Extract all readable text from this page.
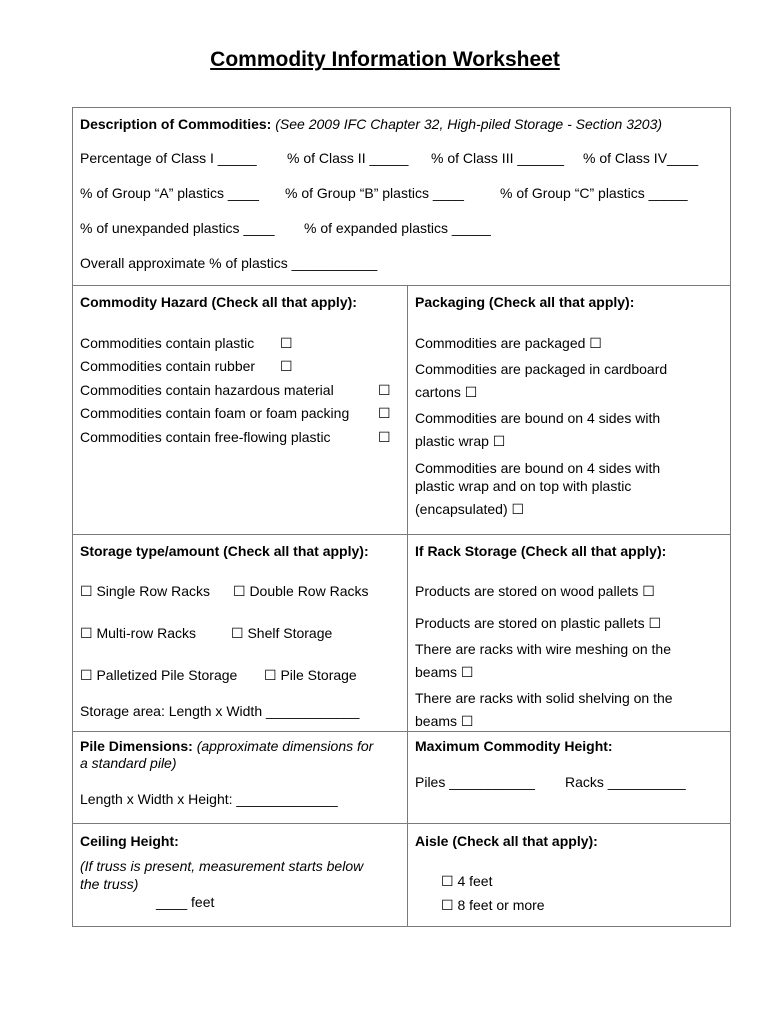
Commodity Information Worksheet
Description of Commodities: (See 2009 IFC Chapter 32, High-piled Storage - Section 3203)
Percentage of Class I _____ % of Class II _____ % of Class III ______ % of Class IV____
% of Group “A” plastics ____ % of Group “B” plastics ____	% of Group “C” plastics _____
% of unexpanded plastics ____ % of expanded plastics _____
Overall approximate % of plastics ___________
Commodity Hazard (Check all that apply):
Commodities contain plastic ☐
Commodities contain rubber ☐
Commodities contain hazardous material	☐
Commodities contain foam or foam packing ☐
Commodities contain free-flowing plastic	☐
Packaging (Check all that apply):
Commodities are packaged ☐
Commodities are packaged in cardboard
cartons ☐
Commodities are bound on 4 sides with
plastic wrap ☐
Commodities are bound on 4 sides with
plastic wrap and on top with plastic
(encapsulated) ☐
Storage type/amount (Check all that apply):
☐ Single Row Racks ☐ Double Row Racks
☐ Multi-row Racks ☐ Shelf Storage
☐ Palletized Pile Storage ☐ Pile Storage
Storage area: Length x Width ____________
If Rack Storage (Check all that apply):
Products are stored on wood pallets ☐
Products are stored on plastic pallets ☐
There are racks with wire meshing on the
beams ☐
There are racks with solid shelving on the
beams ☐
Pile Dimensions: (approximate dimensions for
a standard pile)
Length x Width x Height: _____________
Maximum Commodity Height:
Piles ___________ Racks __________
Ceiling Height:
(If truss is present, measurement starts below
the truss)
____ feet
Aisle (Check all that apply):
☐ 4 feet
☐ 8 feet or more
